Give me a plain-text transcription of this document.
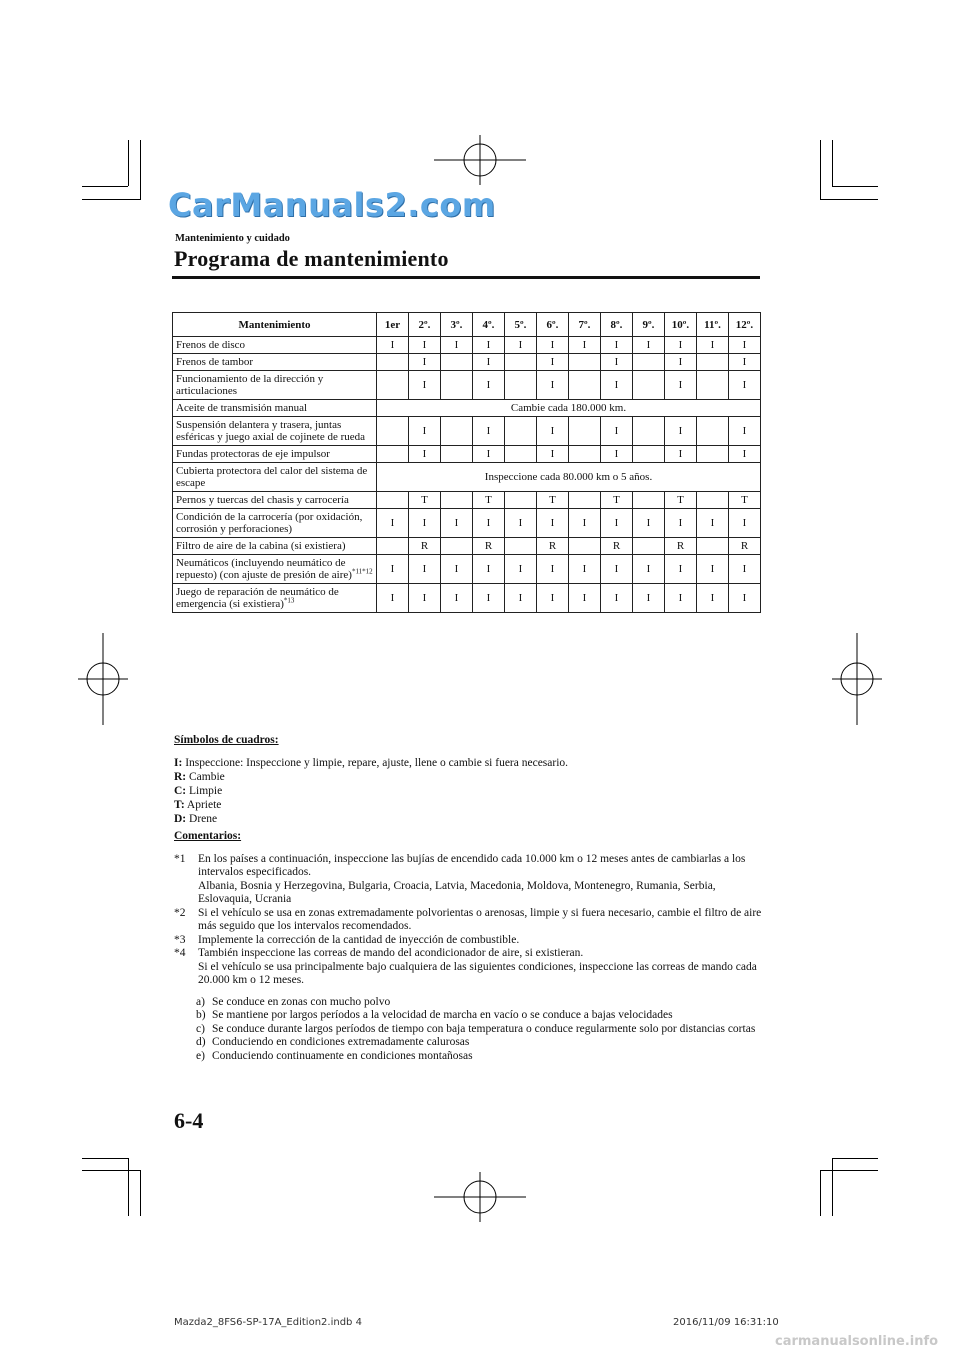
CarManuals2.com
Mantenimiento y cuidado
Programa de mantenimiento
Mantenimiento	1er	2º.	3º.	4º.	5º.	6º.	7º.	8º.	9º.	10º.	11º.	12º.
Frenos de disco	I	I	I	I	I	I	I	I	I	I	I	I
Frenos de tambor		I		I		I		I		I		I
Funcionamiento de la dirección y articulaciones		I		I		I		I		I		I
Aceite de transmisión manual	Cambie cada 180.000 km.											
Suspensión delantera y trasera, juntas esféricas y juego axial de cojinete de rueda		I		I		I		I		I		I
Fundas protectoras de eje impulsor		I		I		I		I		I		I
Cubierta protectora del calor del sistema de escape	Inspeccione cada 80.000 km o 5 años.											
Pernos y tuercas del chasis y carrocería		T		T		T		T		T		T
Condición de la carrocería (por oxidación, corrosión y perforaciones)	I	I	I	I	I	I	I	I	I	I	I	I
Filtro de aire de la cabina (si existiera)		R		R		R		R		R		R
Neumáticos (incluyendo neumático de repuesto) (con ajuste de presión de aire)$^{*11*12}$	I	I	I	I	I	I	I	I	I	I	I	I
Juego de reparación de neumático de emergencia (si existiera)$^{*13}$	I	I	I	I	I	I	I	I	I	I	I	I
Símbolos de cuadros:
I: Inspeccione: Inspeccione y limpie, repare, ajuste, llene o cambie si fuera necesario.
R: Cambie
C: Limpie
T: Apriete
D: Drene
Comentarios:
*1 En los países a continuación, inspeccione las bujías de encendido cada 10.000 km o 12 meses antes de cambiarlas a los intervalos especificados.
Albania, Bosnia y Herzegovina, Bulgaria, Croacia, Latvia, Macedonia, Moldova, Montenegro, Rumania, Serbia, Eslovaquia, Ucrania
*2 Si el vehículo se usa en zonas extremadamente polvorientas o arenosas, limpie y si fuera necesario, cambie el filtro de aire más seguido que los intervalos recomendados.
*3 Implemente la corrección de la cantidad de inyección de combustible.
*4 También inspeccione las correas de mando del acondicionador de aire, si existieran.
Si el vehículo se usa principalmente bajo cualquiera de las siguientes condiciones, inspeccione las correas de mando cada 20.000 km o 12 meses.
a) Se conduce en zonas con mucho polvo
b) Se mantiene por largos períodos a la velocidad de marcha en vacío o se conduce a bajas velocidades
c) Se conduce durante largos períodos de tiempo con baja temperatura o conduce regularmente solo por distancias cortas
d) Conduciendo en condiciones extremadamente calurosas
e) Conduciendo continuamente en condiciones montañosas
6-4
Mazda2_8FS6-SP-17A_Edition2.indb 4	2016/11/09 16:31:10
carmanualsonline.info
